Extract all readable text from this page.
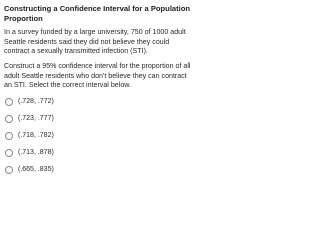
Constructing a Confidence Interval for a Population Proportion
In a survey funded by a large university, 750 of 1000 adult Seattle residents said they did not believe they could contract a sexually transmitted infection (STI).
Construct a 95% confidence interval for the proportion of all adult Seattle residents who don't believe they can contract an STI. Select the correct interval below.
(.728, .772)
(.723, .777)
(.718, .782)
(.713, .878)
(.665, .835)
